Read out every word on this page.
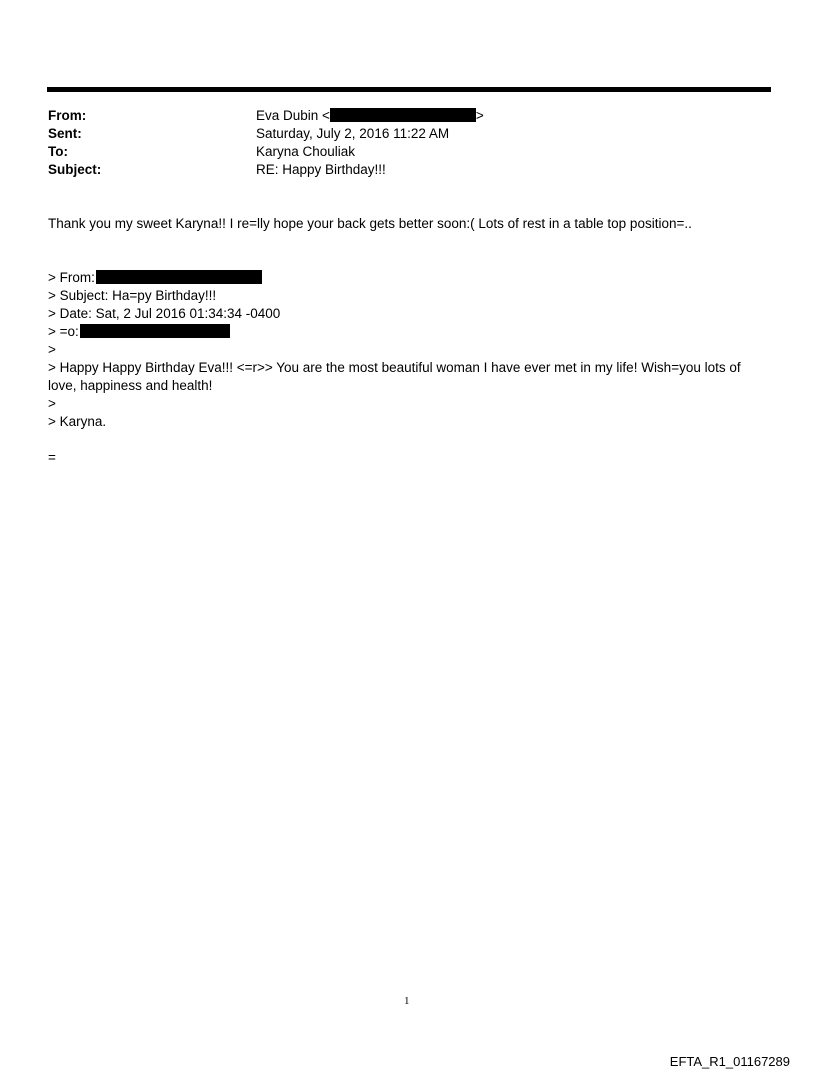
From:	Eva Dubin <	>
Sent:	Saturday, July 2, 2016 11:22 AM
To:	Karyna Chouliak
Subject:	RE: Happy Birthday!!!
Thank you my sweet Karyna!! I re=lly hope your back gets better soon:( Lots of rest in a table top position=..
> From:
> Subject: Ha=py Birthday!!!
> Date: Sat, 2 Jul 2016 01:34:34 -0400
> =o:
>
> Happy Happy Birthday Eva!!! <=r>> You are the most beautiful woman I have ever met in my life! Wish=you lots of
love, happiness and health!
>
> Karyna.
=
1
EFTA_R1_01167289
